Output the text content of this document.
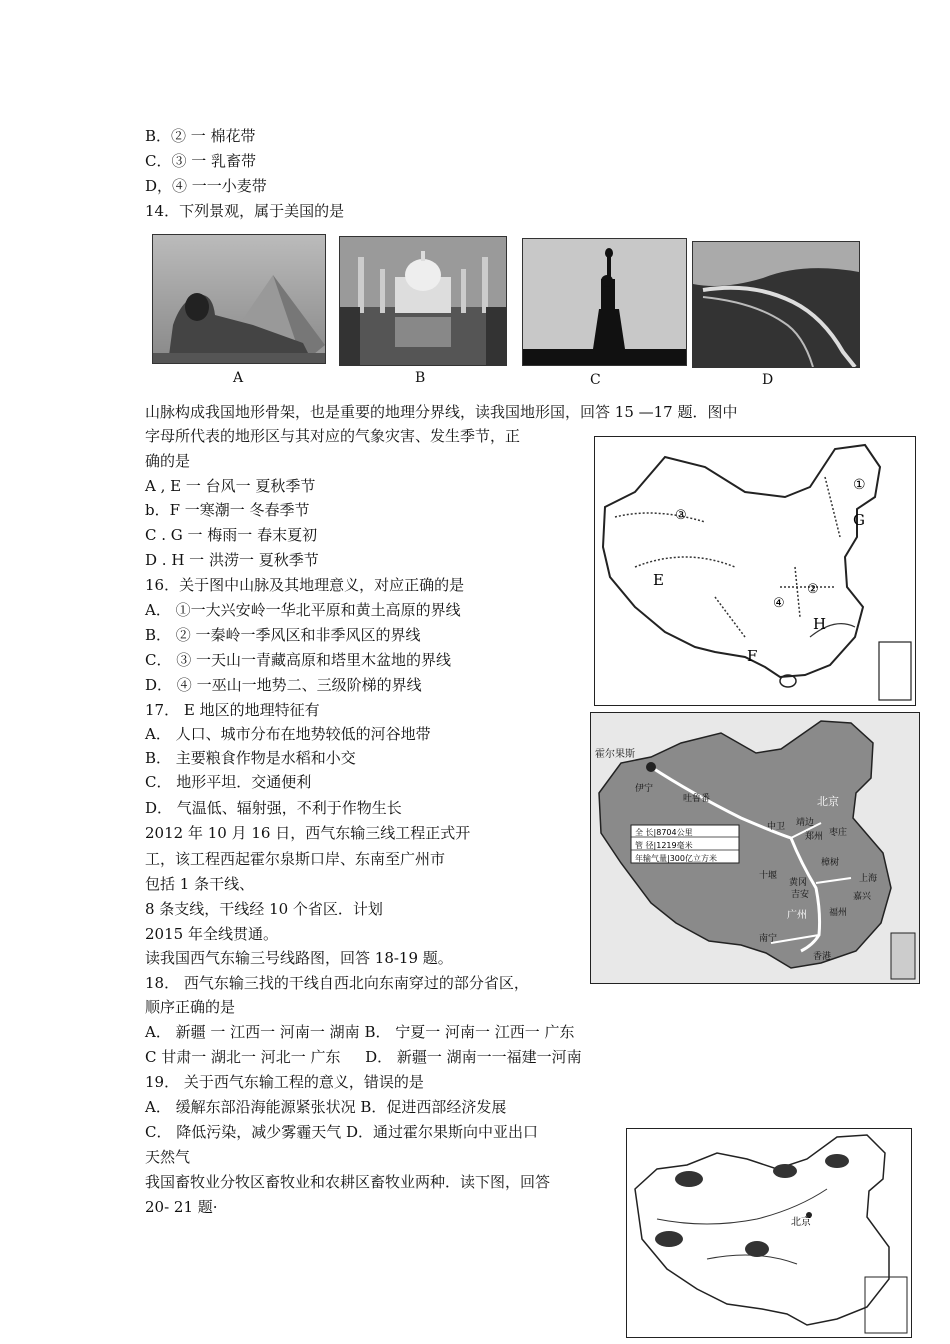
B．② 一 棉花带
C．③ 一 乳畜带
D，④ 一一小麦带
14．下列景观，属于美国的是
A	B	C	D
山脉构成我国地形骨架，也是重要的地理分界线，读我国地形国，回答 15 —17 题．图中
字母所代表的地形区与其对应的气象灾害、发生季节，正
确的是
A , E 一 台风一 夏秋季节
b．F 一寒潮一 冬春季节
C . G 一 梅雨一 春末夏初
D . H 一 洪涝一 夏秋季节
16．关于图中山脉及其地理意义，对应正确的是
A． ①一大兴安岭一华北平原和黄土高原的界线
B． ② 一秦岭一季风区和非季风区的界线
C． ③ 一天山一青藏高原和塔里木盆地的界线
D． ④ 一巫山一地势二、三级阶梯的界线
17． E 地区的地理特征有
A． 人口、城市分布在地势较低的河谷地带
B． 主要粮食作物是水稻和小交
C． 地形平坦．交通便利
D． 气温低、辐射强，不利于作物生长
2012 年 10 月 16 日，西气东输三线工程正式开
工，该工程西起霍尔泉斯口岸、东南至广州市
包括 1 条干线、
8 条支线，干线经 10 个省区．计划
2015 年全线贯通。
读我国西气东输三号线路图，回答 18-19 题。
18． 西气东输三找的干线自西北向东南穿过的部分省区，
顺序正确的是
A． 新疆 一 江西一 河南一 湖南 B． 宁夏一 河南一 江西一 广东
C 甘肃一 湖北一 河北一 广东 　 D． 新疆一 湖南一一福建一河南
19． 关于西气东输工程的意义，错误的是
A． 缓解东部沿海能源紧张状况 B．促进西部经济发展
C． 降低污染，减少雾霾天气 D．通过霍尔果斯向中亚出口
天然气
我国畜牧业分牧区畜牧业和农耕区畜牧业两种．读下图，回答
20- 21 题·
①
G
③
E
②
④
H
F
全 长|8704公里
管 径|1219毫米
年输气量|300亿立方米
霍尔果斯
伊宁
吐鲁番	北京
中卫 靖边
郑州 枣庄
樟树
十堰	上海
嘉兴
广州
南宁
福州
香港
黄冈
吉安
北京
